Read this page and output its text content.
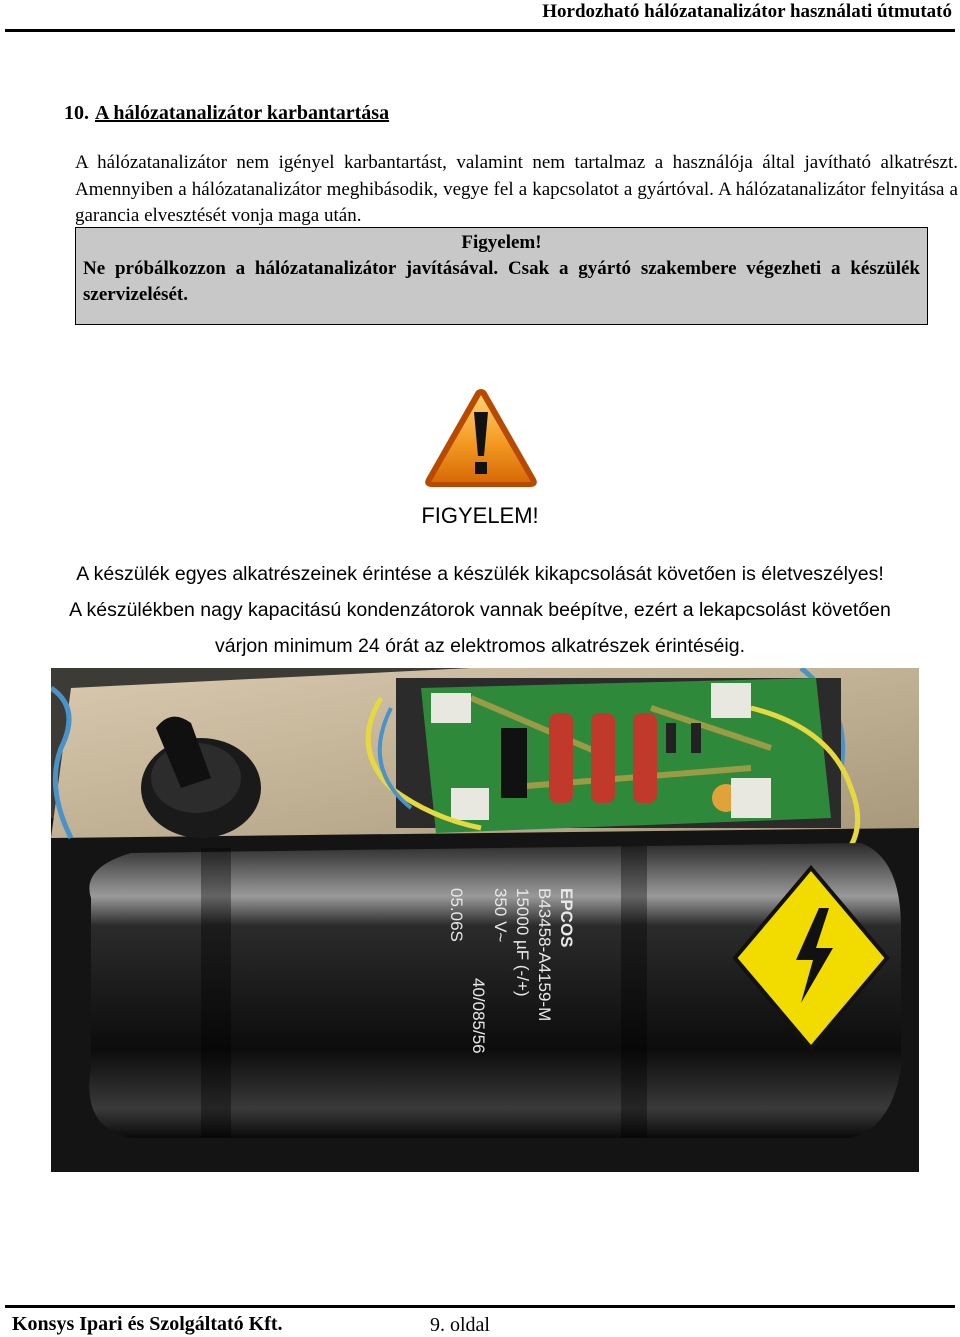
Hordozható hálózatanalizátor használati útmutató
10. A hálózatanalizátor karbantartása
A hálózatanalizátor nem igényel karbantartást, valamint nem tartalmaz a használója által javítható alkatrészt. Amennyiben a hálózatanalizátor meghibásodik, vegye fel a kapcsolatot a gyártóval. A hálózatanalizátor felnyitása a garancia elvesztését vonja maga után.
Figyelem!
Ne próbálkozzon a hálózatanalizátor javításával. Csak a gyártó szakembere végezheti a készülék szervizelését.
FIGYELEM!
A készülék egyes alkatrészeinek érintése a készülék kikapcsolását követően is életveszélyes!
A készülékben nagy kapacitású kondenzátorok vannak beépítve, ezért a lekapcsolást követően
várjon minimum 24 órát az elektromos alkatrészek érintéséig.
EPCOS
B43458-A4159-M
15000 µF (-/+)
350 V~
40/085/56
05.06S
Konsys Ipari és Szolgáltató Kft.	9. oldal
